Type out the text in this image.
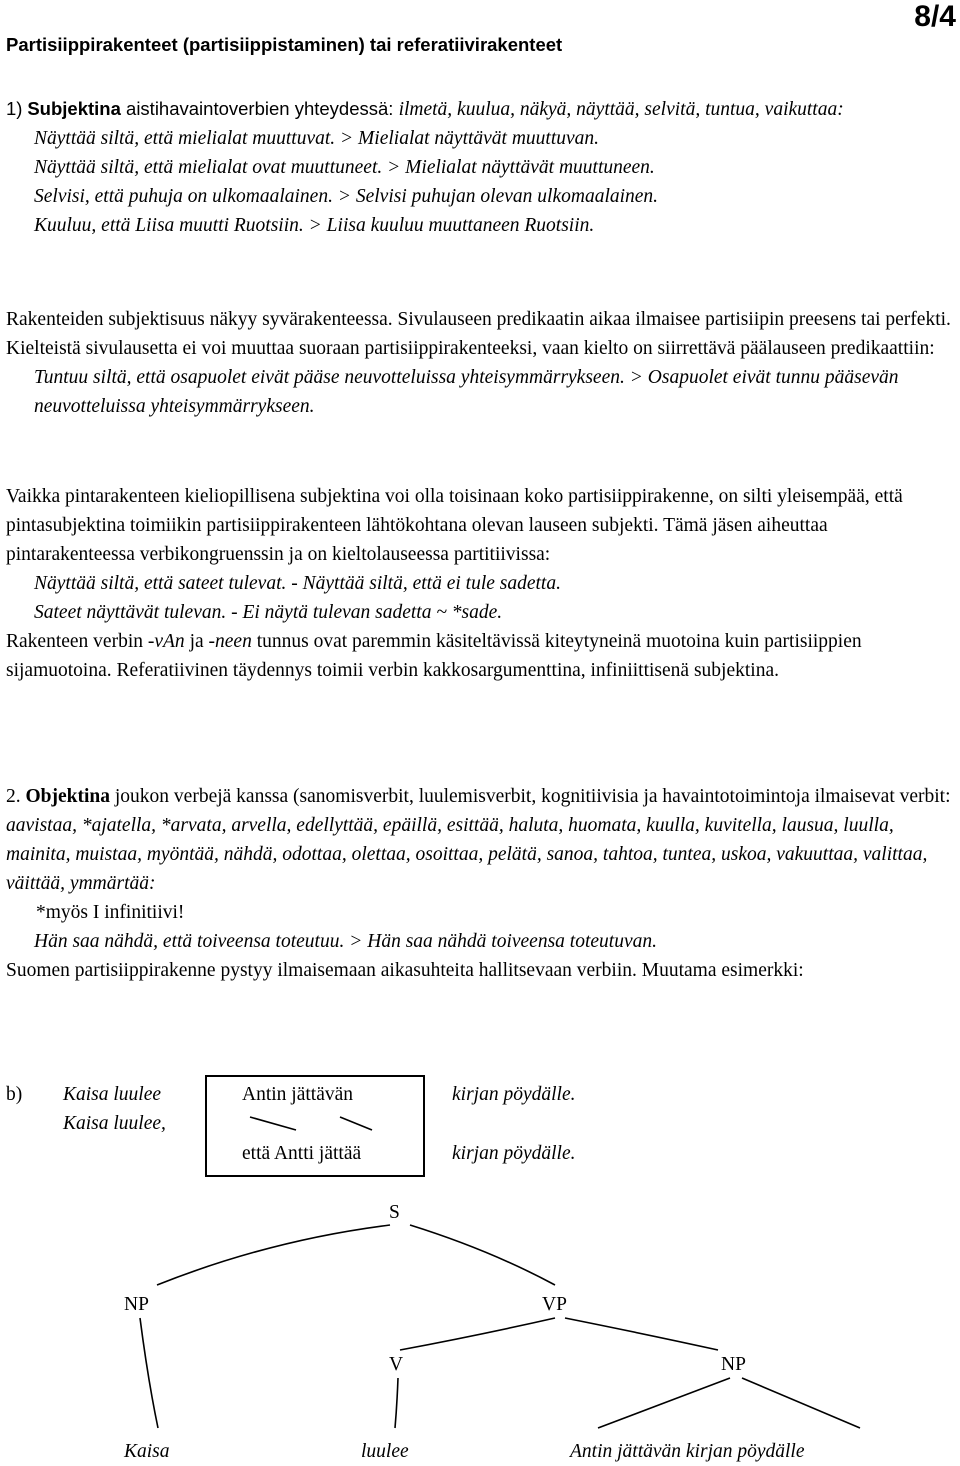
8/4
Partisiippirakenteet (partisiippistaminen) tai referatiivirakenteet
1) Subjektina aistihavaintoverbien yhteydessä: ilmetä, kuulua, näkyä, näyttää, selvitä, tuntua, vaikuttaa:
Näyttää siltä, että mielialat muuttuvat. > Mielialat näyttävät muuttuvan.
Näyttää siltä, että mielialat ovat muuttuneet. > Mielialat näyttävät muuttuneen.
Selvisi, että puhuja on ulkomaalainen. > Selvisi puhujan olevan ulkomaalainen.
Kuuluu, että Liisa muutti Ruotsiin. > Liisa kuuluu muuttaneen Ruotsiin.
Rakenteiden subjektisuus näkyy syvärakenteessa. Sivulauseen predikaatin aikaa ilmaisee partisiipin preesens tai perfekti. Kielteistä sivulausetta ei voi muuttaa suoraan partisiippirakenteeksi, vaan kielto on siirrettävä päälauseen predikaattiin:
Tuntuu siltä, että osapuolet eivät pääse neuvotteluissa yhteisymmärrykseen. > Osapuolet eivät tunnu pääsevän neuvotteluissa yhteisymmärrykseen.
Vaikka pintarakenteen kieliopillisena subjektina voi olla toisinaan koko partisiippirakenne, on silti yleisempää, että pintasubjektina toimiikin partisiippirakenteen lähtökohtana olevan lauseen subjekti. Tämä jäsen aiheuttaa pintarakenteessa verbikongruenssin ja on kieltolauseessa partitiivissa:
Näyttää siltä, että sateet tulevat. - Näyttää siltä, että ei tule sadetta.
Sateet näyttävät tulevan. - Ei näytä tulevan sadetta ~ *sade.
Rakenteen verbin -vAn ja -neen tunnus ovat paremmin käsiteltävissä kiteytyneinä muotoina kuin partisiippien sijamuotoina. Referatiivinen täydennys toimii verbin kakkosargumenttina, infiniittisenä subjektina.
2. Objektina joukon verbejä kanssa (sanomisverbit, luulemisverbit, kognitiivisia ja havaintotoimintoja ilmaisevat verbit: aavistaa, *ajatella, *arvata, arvella, edellyttää, epäillä, esittää, haluta, huomata, kuulla, kuvitella, lausua, luulla, mainita, muistaa, myöntää, nähdä, odottaa, olettaa, osoittaa, pelätä, sanoa, tahtoa, tuntea, uskoa, vakuuttaa, valittaa, väittää, ymmärtää:
*myös I infinitiivi!
Hän saa nähdä, että toiveensa toteutuu. > Hän saa nähdä toiveensa toteutuvan.
Suomen partisiippirakenne pystyy ilmaisemaan aikasuhteita hallitsevaan verbiin. Muutama esimerkki:
b) Kaisa luulee	Antin jättävän	kirjan pöydälle.
Kaisa luulee,
että Antti jättää	kirjan pöydälle.
S
NP	VP
V	NP
Kaisa	luulee	Antin jättävän kirjan pöydälle
